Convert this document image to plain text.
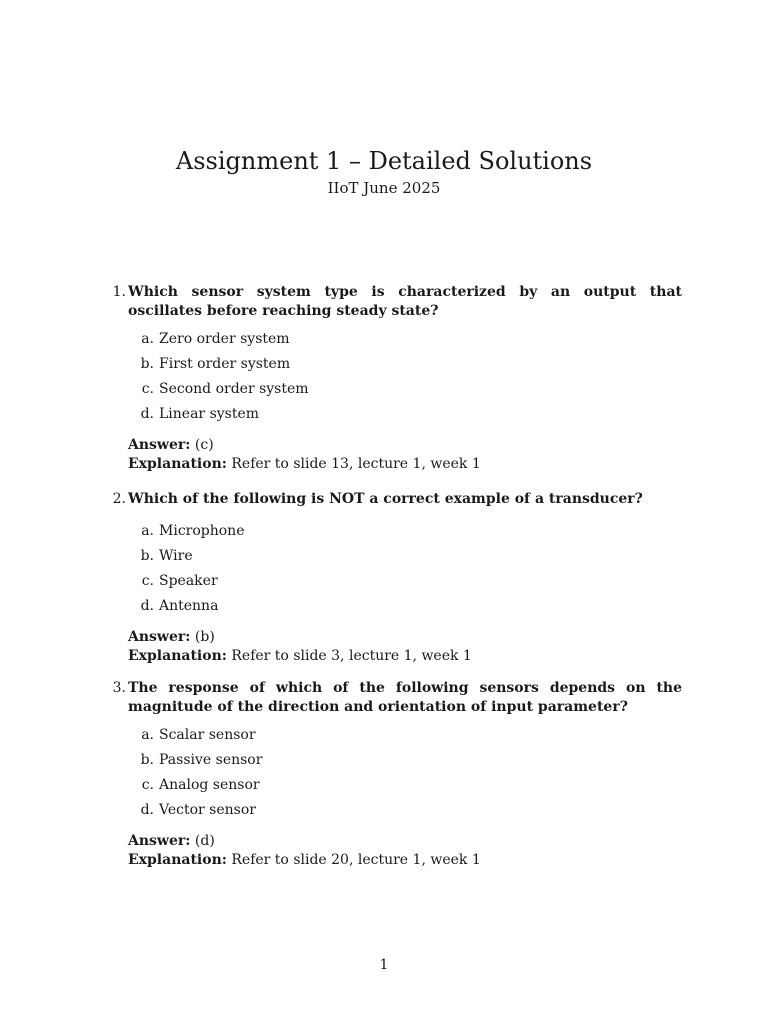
Assignment 1 – Detailed Solutions
IIoT June 2025
1. Which sensor system type is characterized by an output that oscillates before reaching steady state?
a. Zero order system
b. First order system
c. Second order system
d. Linear system
Answer: (c)
Explanation: Refer to slide 13, lecture 1, week 1
2. Which of the following is NOT a correct example of a transducer?
a. Microphone
b. Wire
c. Speaker
d. Antenna
Answer: (b)
Explanation: Refer to slide 3, lecture 1, week 1
3. The response of which of the following sensors depends on the magnitude of the direction and orientation of input parameter?
a. Scalar sensor
b. Passive sensor
c. Analog sensor
d. Vector sensor
Answer: (d)
Explanation: Refer to slide 20, lecture 1, week 1
1
